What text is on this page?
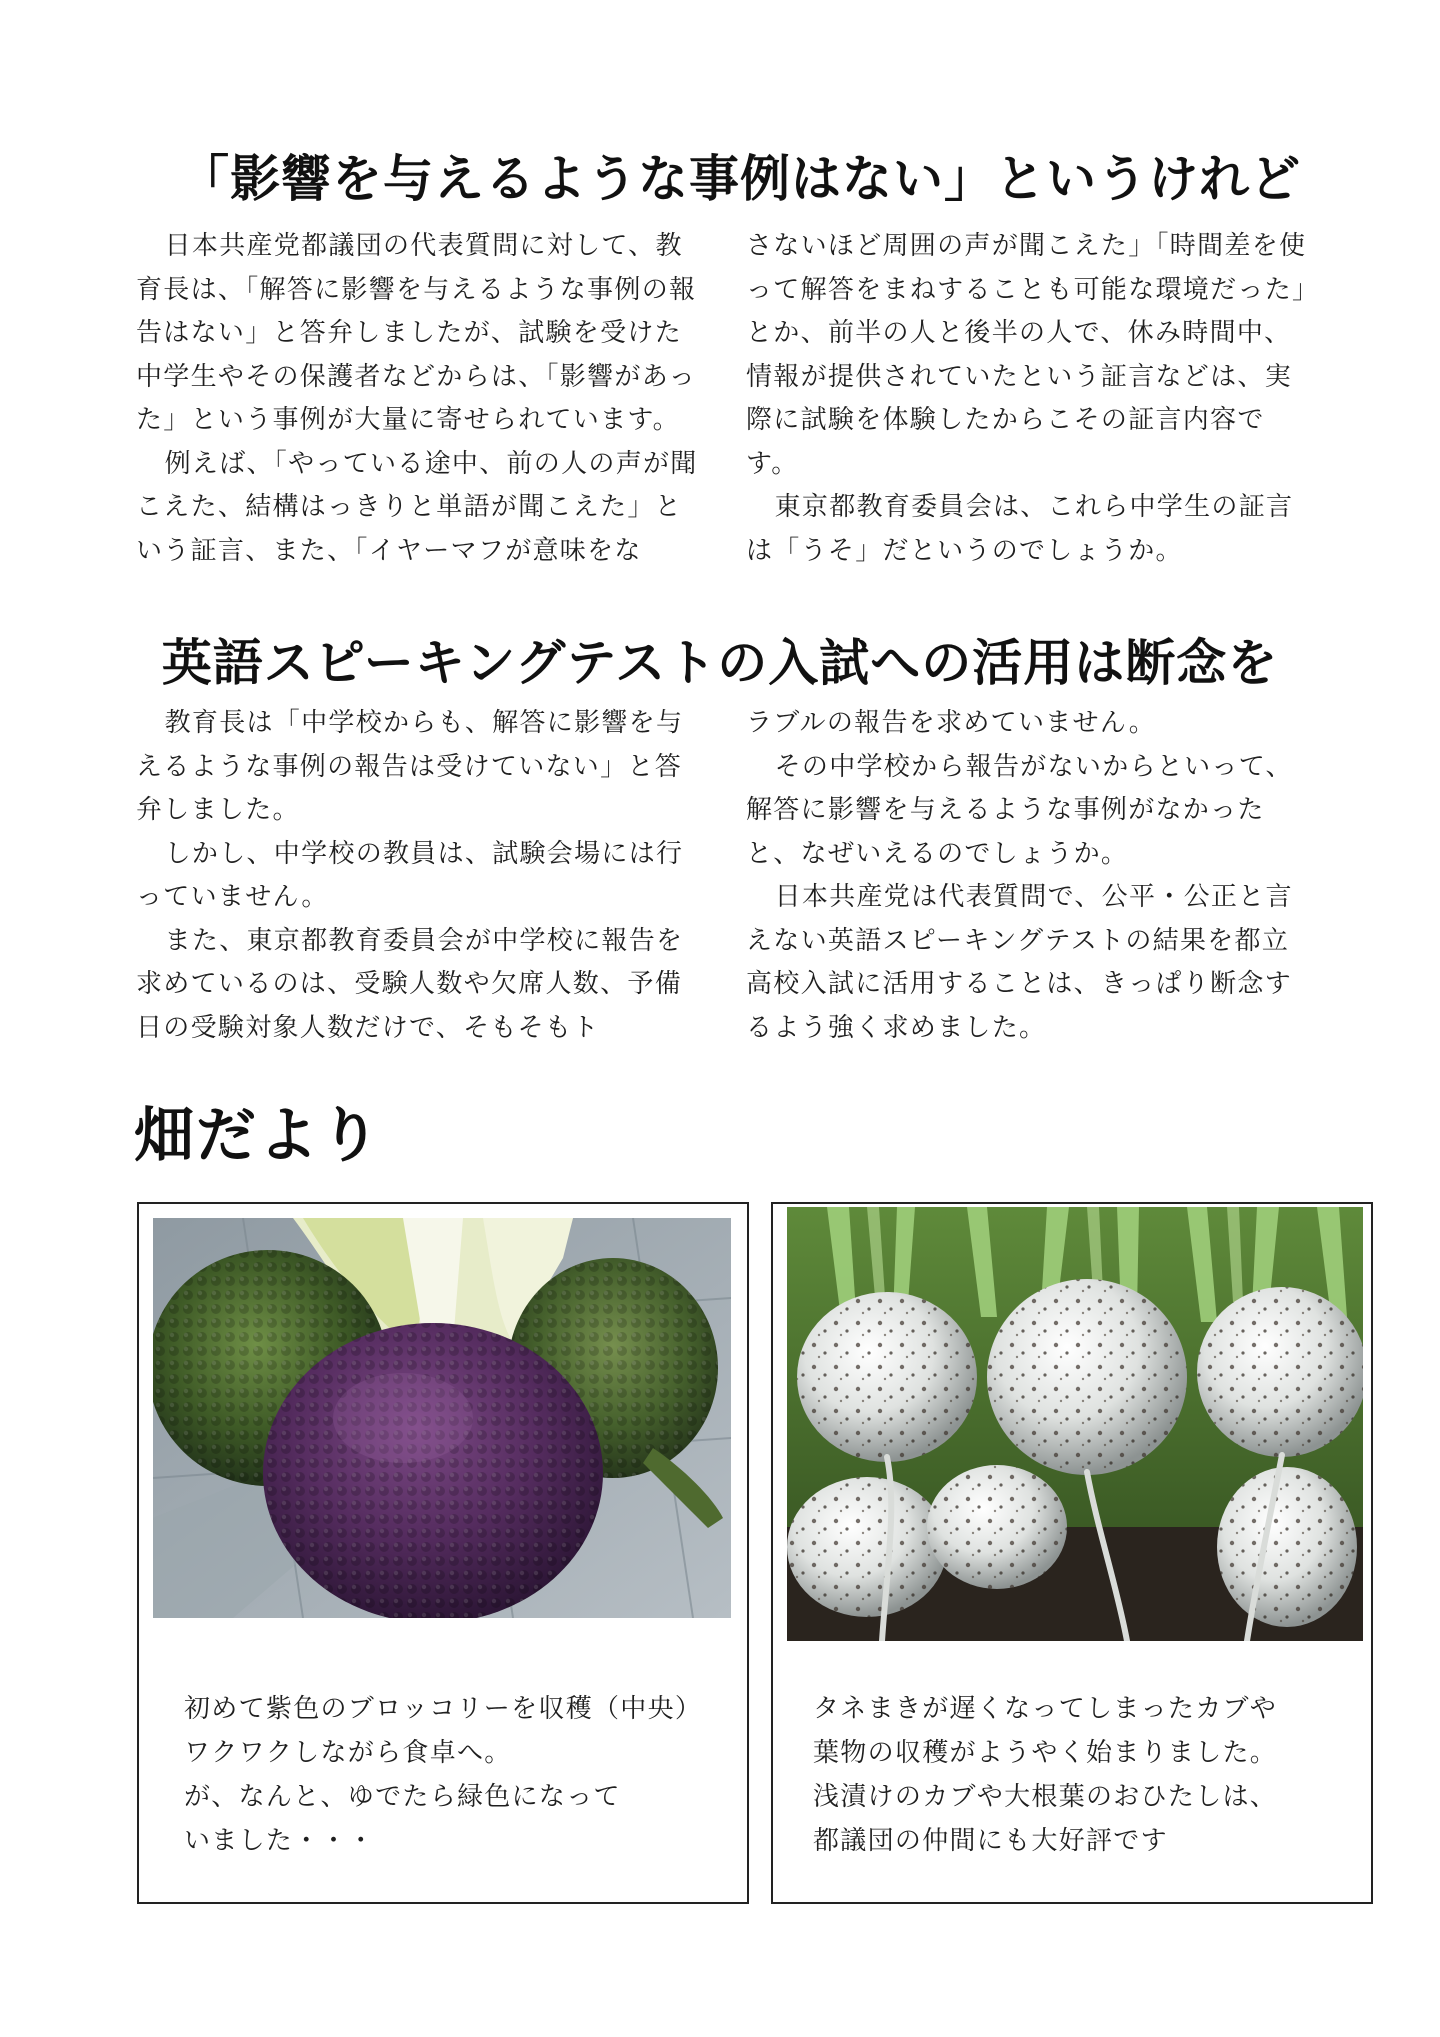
「影響を与えるような事例はない」というけれど

日本共産党都議団の代表質問に対して、教育長は、「解答に影響を与えるような事例の報告はない」と答弁しましたが、試験を受けた中学生やその保護者などからは、「影響があった」という事例が大量に寄せられています。

例えば、「やっている途中、前の人の声が聞こえた、結構はっきりと単語が聞こえた」という証言、また、「イヤーマフが意味をな

さないほど周囲の声が聞こえた」「時間差を使って解答をまねすることも可能な環境だった」とか、前半の人と後半の人で、休み時間中、情報が提供されていたという証言などは、実際に試験を体験したからこその証言内容です。

東京都教育委員会は、これら中学生の証言は「うそ」だというのでしょうか。

英語スピーキングテストの入試への活用は断念を

教育長は「中学校からも、解答に影響を与えるような事例の報告は受けていない」と答弁しました。

しかし、中学校の教員は、試験会場には行っていません。

また、東京都教育委員会が中学校に報告を求めているのは、受験人数や欠席人数、予備日の受験対象人数だけで、そもそもト

ラブルの報告を求めていません。

その中学校から報告がないからといって、解答に影響を与えるような事例がなかったと、なぜいえるのでしょうか。

日本共産党は代表質問で、公平・公正と言えない英語スピーキングテストの結果を都立高校入試に活用することは、きっぱり断念するよう強く求めました。

畑だより
初めて紫色のブロッコリーを収穫（中央）
ワクワクしながら食卓へ。
が、なんと、ゆでたら緑色になって
いました・・・
タネまきが遅くなってしまったカブや
葉物の収穫がようやく始まりました。
浅漬けのカブや大根葉のおひたしは、
都議団の仲間にも大好評です
